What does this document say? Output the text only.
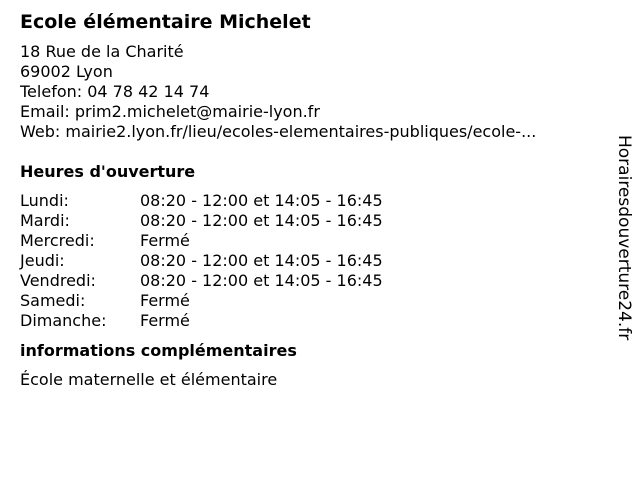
Ecole élémentaire Michelet
18 Rue de la Charité
69002 Lyon
Telefon: 04 78 42 14 74
Email: prim2.michelet@mairie-lyon.fr
Web: mairie2.lyon.fr/lieu/ecoles-elementaires-publiques/ecole-...
Heures d'ouverture
Lundi:	08:20 - 12:00 et 14:05 - 16:45
Mardi:	08:20 - 12:00 et 14:05 - 16:45
Mercredi:	Fermé
Jeudi:	08:20 - 12:00 et 14:05 - 16:45
Vendredi:	08:20 - 12:00 et 14:05 - 16:45
Samedi:	Fermé
Dimanche:	Fermé
informations complémentaires
École maternelle et élémentaire
Horairesdouverture24.fr
